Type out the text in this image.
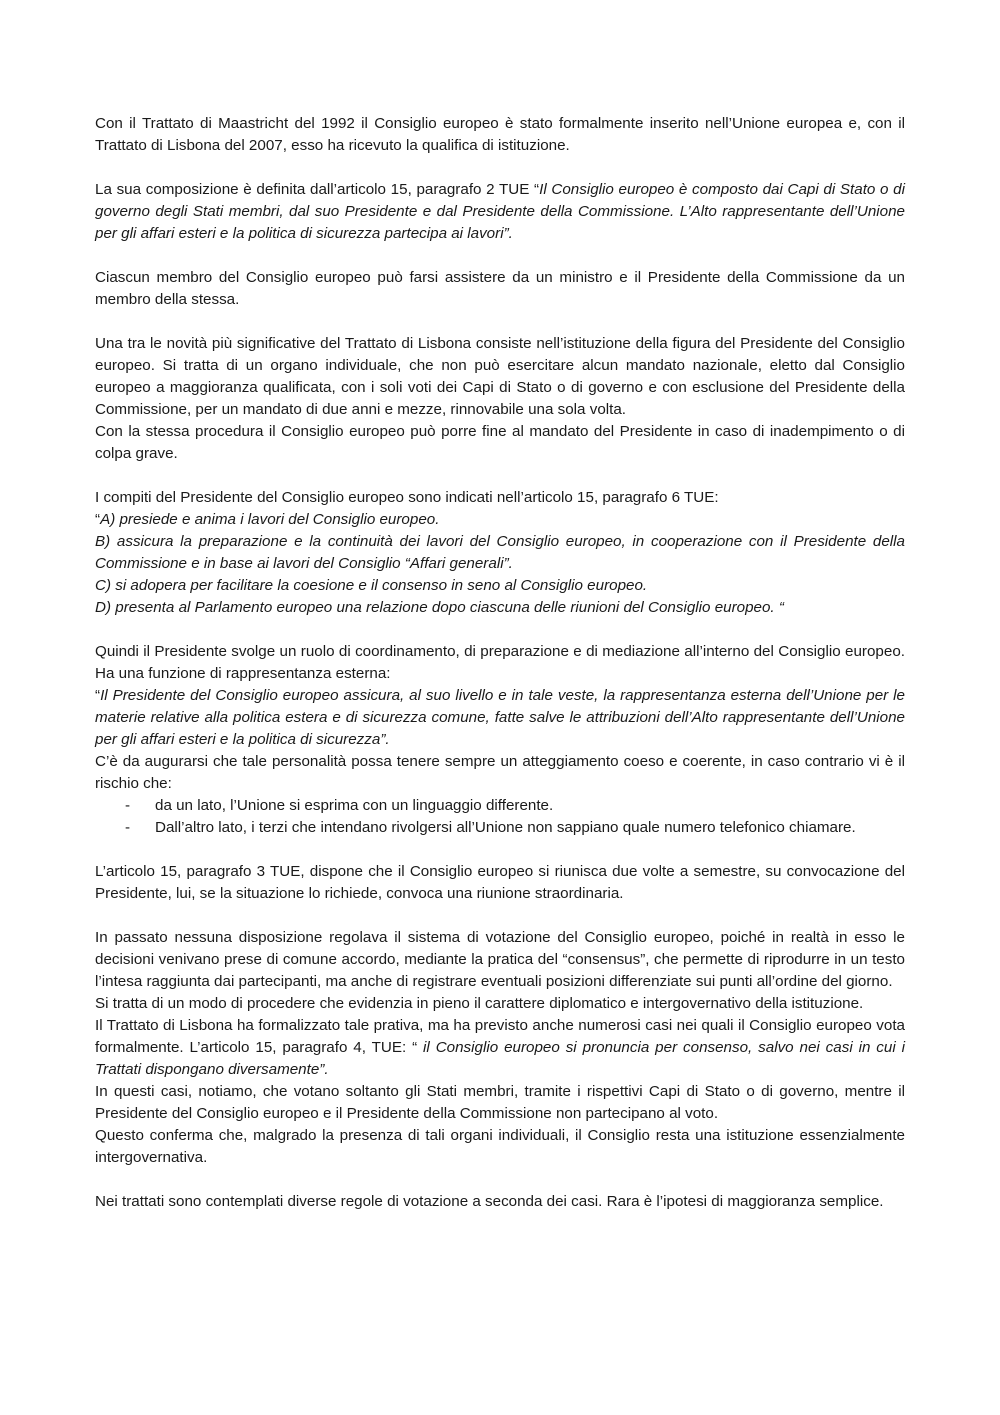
Con il Trattato di Maastricht del 1992 il Consiglio europeo è stato formalmente inserito nell’Unione europea e, con il Trattato di Lisbona del 2007, esso ha ricevuto la qualifica di istituzione.

La sua composizione è definita dall’articolo 15, paragrafo 2 TUE “Il Consiglio europeo è composto dai Capi di Stato o di governo degli Stati membri, dal suo Presidente e dal Presidente della Commissione. L’Alto rappresentante dell’Unione per gli affari esteri e la politica di sicurezza partecipa ai lavori”.

Ciascun membro del Consiglio europeo può farsi assistere da un ministro e il Presidente della Commissione da un membro della stessa.

Una tra le novità più significative del Trattato di Lisbona consiste nell’istituzione della figura del Presidente del Consiglio europeo. Si tratta di un organo individuale, che non può esercitare alcun mandato nazionale, eletto dal Consiglio europeo a maggioranza qualificata, con i soli voti dei Capi di Stato o di governo e con esclusione del Presidente della Commissione, per un mandato di due anni e mezze, rinnovabile una sola volta.

Con la stessa procedura il Consiglio europeo può porre fine al mandato del Presidente in caso di inadempimento o di colpa grave.

I compiti del Presidente del Consiglio europeo sono indicati nell’articolo 15, paragrafo 6 TUE:

“A) presiede e anima i lavori del Consiglio europeo.

B) assicura la preparazione e la continuità dei lavori del Consiglio europeo, in cooperazione con il Presidente della Commissione e in base ai lavori del Consiglio “Affari generali”.

C) si adopera per facilitare la coesione e il consenso in seno al Consiglio europeo.

D) presenta al Parlamento europeo una relazione dopo ciascuna delle riunioni del Consiglio europeo. “

Quindi il Presidente svolge un ruolo di coordinamento, di preparazione e di mediazione all’interno del Consiglio europeo. Ha una funzione di rappresentanza esterna:

“Il Presidente del Consiglio europeo assicura, al suo livello e in tale veste, la rappresentanza esterna dell’Unione per le materie relative alla politica estera e di sicurezza comune, fatte salve le attribuzioni dell’Alto rappresentante dell’Unione per gli affari esteri e la politica di sicurezza”.

C’è da augurarsi che tale personalità possa tenere sempre un atteggiamento coeso e coerente, in caso contrario vi è il rischio che:

- da un lato, l’Unione si esprima con un linguaggio differente.
- Dall’altro lato, i terzi che intendano rivolgersi all’Unione non sappiano quale numero telefonico chiamare.

L’articolo 15, paragrafo 3 TUE, dispone che il Consiglio europeo si riunisca due volte a semestre, su convocazione del Presidente, lui, se la situazione lo richiede, convoca una riunione straordinaria.

In passato nessuna disposizione regolava il sistema di votazione del Consiglio europeo, poiché in realtà in esso le decisioni venivano prese di comune accordo, mediante la pratica del “consensus”, che permette di riprodurre in un testo l’intesa raggiunta dai partecipanti, ma anche di registrare eventuali posizioni differenziate sui punti all’ordine del giorno.

Si tratta di un modo di procedere che evidenzia in pieno il carattere diplomatico e intergovernativo della istituzione.

Il Trattato di Lisbona ha formalizzato tale prativa, ma ha previsto anche numerosi casi nei quali il Consiglio europeo vota formalmente. L’articolo 15, paragrafo 4, TUE: “ il Consiglio europeo si pronuncia per consenso, salvo nei casi in cui i Trattati dispongano diversamente”.

In questi casi, notiamo, che votano soltanto gli Stati membri, tramite i rispettivi Capi di Stato o di governo, mentre il Presidente del Consiglio europeo e il Presidente della Commissione non partecipano al voto.

Questo conferma che, malgrado la presenza di tali organi individuali, il Consiglio resta una istituzione essenzialmente intergovernativa.

Nei trattati sono contemplati diverse regole di votazione a seconda dei casi. Rara è l’ipotesi di maggioranza semplice.
